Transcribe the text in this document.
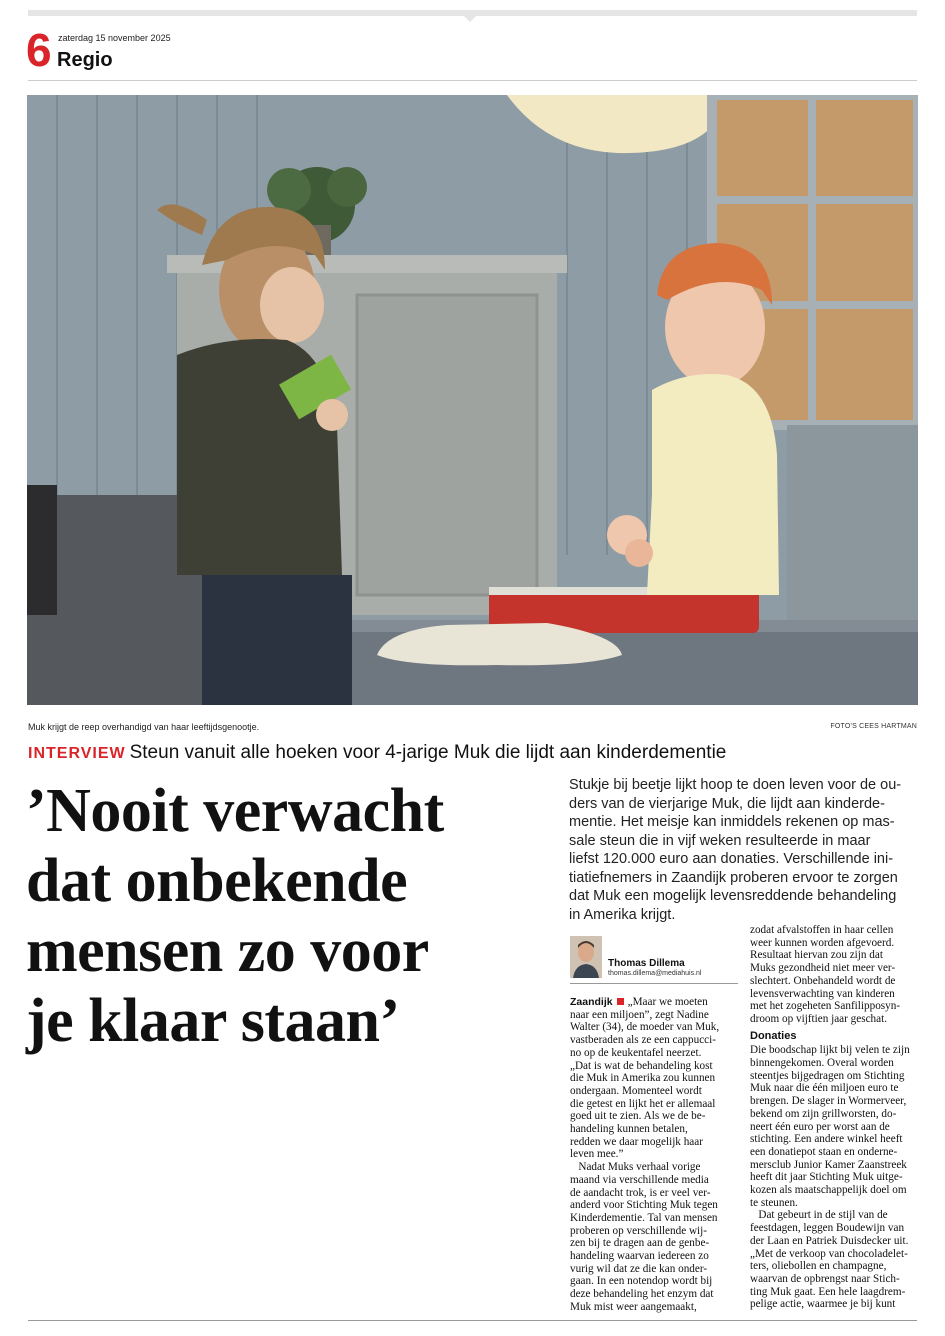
6 zaterdag 15 november 2025
Regio
Muk krijgt de reep overhandigd van haar leeftijdsgenootje.	FOTO'S CEES HARTMAN
INTERVIEW Steun vanuit alle hoeken voor 4-jarige Muk die lijdt aan kinderdementie
’Nooit verwacht
dat onbekende
mensen zo voor
je klaar staan’
Stukje bij beetje lijkt hoop te doen leven voor de ou-
ders van de vierjarige Muk, die lijdt aan kinderde-
mentie. Het meisje kan inmiddels rekenen op mas-
sale steun die in vijf weken resulteerde in maar
liefst 120.000 euro aan donaties. Verschillende ini-
tiatiefnemers in Zaandijk proberen ervoor te zorgen
dat Muk een mogelijk levensreddende behandeling
in Amerika krijgt.
Thomas Dillema
thomas.dillema@mediahuis.nl
Zaandijk „Maar we moeten
naar een miljoen”, zegt Nadine
Walter (34), de moeder van Muk,
vastberaden als ze een cappucci-
no op de keukentafel neerzet.
„Dat is wat de behandeling kost
die Muk in Amerika zou kunnen
ondergaan. Momenteel wordt
die getest en lijkt het er allemaal
goed uit te zien. Als we de be-
handeling kunnen betalen,
redden we daar mogelijk haar
leven mee.”
Nadat Muks verhaal vorige
maand via verschillende media
de aandacht trok, is er veel ver-
anderd voor Stichting Muk tegen
Kinderdementie. Tal van mensen
proberen op verschillende wij-
zen bij te dragen aan de genbe-
handeling waarvan iedereen zo
vurig wil dat ze die kan onder-
gaan. In een notendop wordt bij
deze behandeling het enzym dat
Muk mist weer aangemaakt,
zodat afvalstoffen in haar cellen
weer kunnen worden afgevoerd.
Resultaat hiervan zou zijn dat
Muks gezondheid niet meer ver-
slechtert. Onbehandeld wordt de
levensverwachting van kinderen
met het zogeheten Sanfilipposyn-
droom op vijftien jaar geschat.
Donaties
Die boodschap lijkt bij velen te zijn
binnengekomen. Overal worden
steentjes bijgedragen om Stichting
Muk naar die één miljoen euro te
brengen. De slager in Wormerveer,
bekend om zijn grillworsten, do-
neert één euro per worst aan de
stichting. Een andere winkel heeft
een donatiepot staan en onderne-
mersclub Junior Kamer Zaanstreek
heeft dit jaar Stichting Muk uitge-
kozen als maatschappelijk doel om
te steunen.
Dat gebeurt in de stijl van de
feestdagen, leggen Boudewijn van
der Laan en Patriek Duisdecker uit.
„Met de verkoop van chocoladelet-
ters, oliebollen en champagne,
waarvan de opbrengst naar Stich-
ting Muk gaat. Een hele laagdrem-
pelige actie, waarmee je bij kunt
